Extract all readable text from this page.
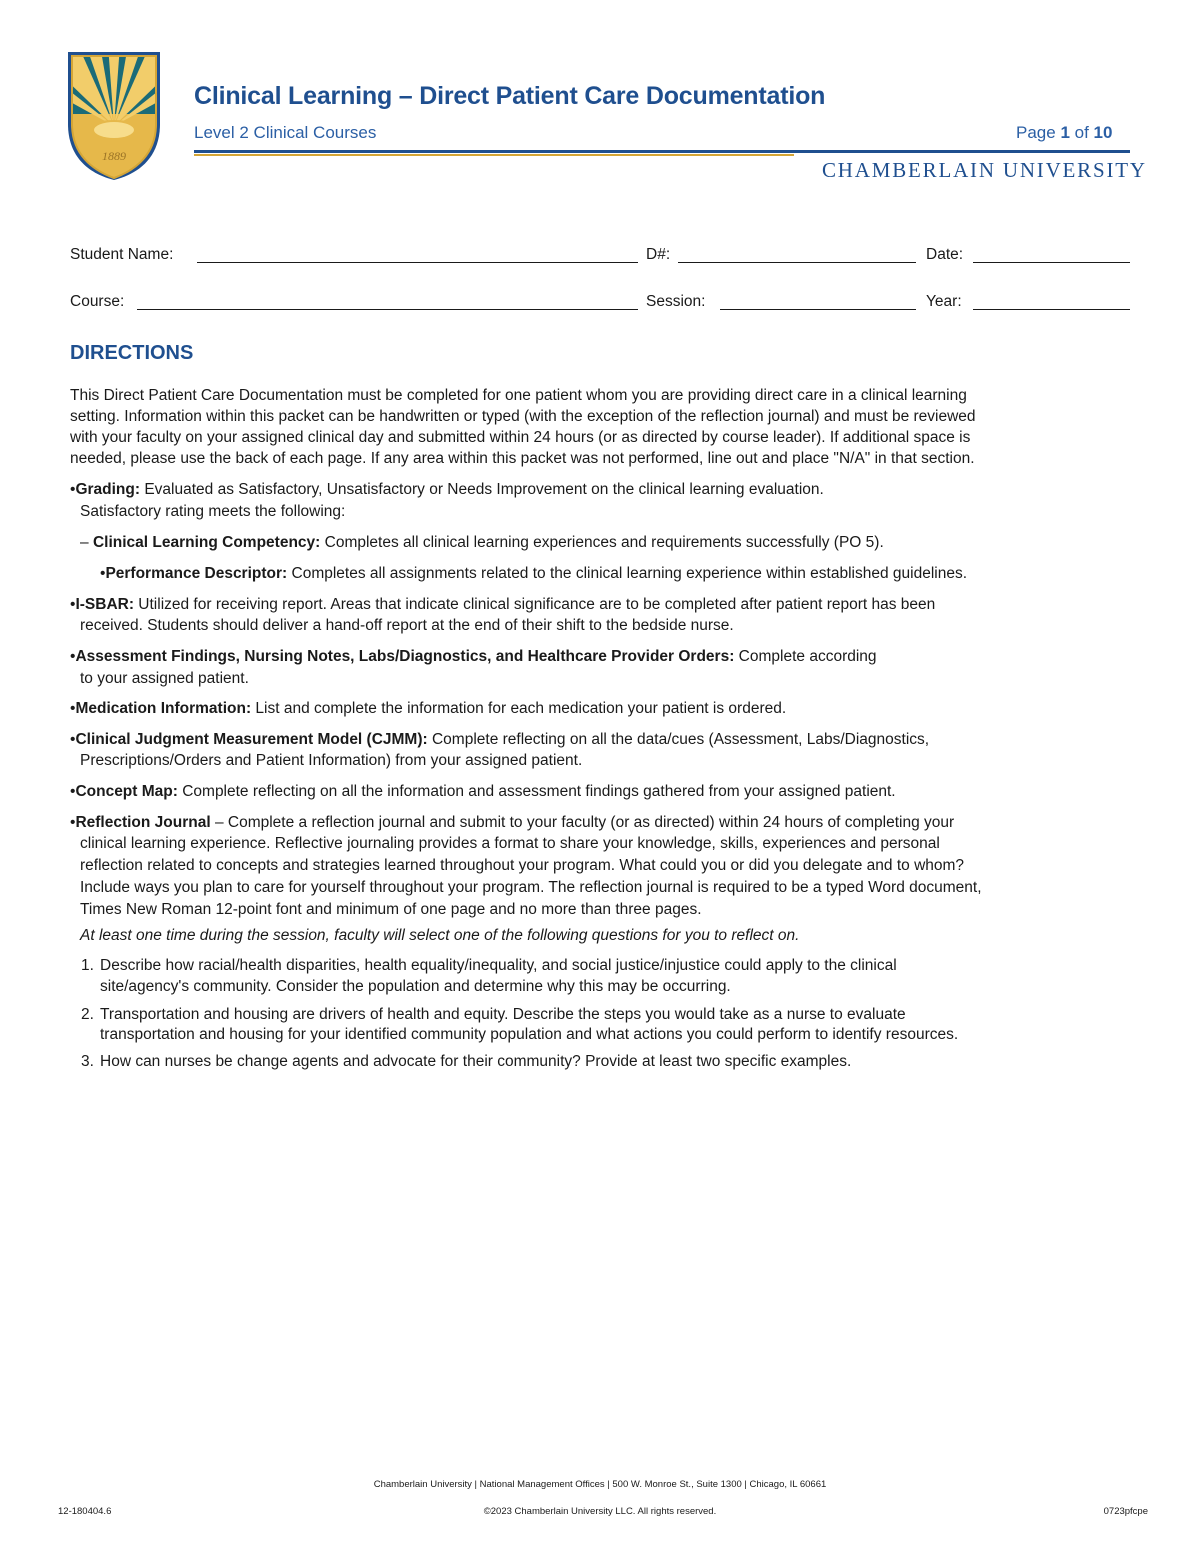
1889
Clinical Learning – Direct Patient Care Documentation
Level 2 Clinical Courses	Page 1 of 10
CHAMBERLAIN UNIVERSITY
Student Name:	D#:	Date:
Course:	Session:	Year:
DIRECTIONS
This Direct Patient Care Documentation must be completed for one patient whom you are providing direct care in a clinical learning
setting. Information within this packet can be handwritten or typed (with the exception of the reflection journal) and must be reviewed
with your faculty on your assigned clinical day and submitted within 24 hours (or as directed by course leader). If additional space is
needed, please use the back of each page. If any area within this packet was not performed, line out and place "N/A" in that section.
•Grading: Evaluated as Satisfactory, Unsatisfactory or Needs Improvement on the clinical learning evaluation.
Satisfactory rating meets the following:
– Clinical Learning Competency: Completes all clinical learning experiences and requirements successfully (PO 5).
•Performance Descriptor: Completes all assignments related to the clinical learning experience within established guidelines.
•I-SBAR: Utilized for receiving report. Areas that indicate clinical significance are to be completed after patient report has been
received. Students should deliver a hand-off report at the end of their shift to the bedside nurse.
•Assessment Findings, Nursing Notes, Labs/Diagnostics, and Healthcare Provider Orders: Complete according
to your assigned patient.
•Medication Information: List and complete the information for each medication your patient is ordered.
•Clinical Judgment Measurement Model (CJMM): Complete reflecting on all the data/cues (Assessment, Labs/Diagnostics,
Prescriptions/Orders and Patient Information) from your assigned patient.
•Concept Map: Complete reflecting on all the information and assessment findings gathered from your assigned patient.
•Reflection Journal – Complete a reflection journal and submit to your faculty (or as directed) within 24 hours of completing your
clinical learning experience. Reflective journaling provides a format to share your knowledge, skills, experiences and personal
reflection related to concepts and strategies learned throughout your program. What could you or did you delegate and to whom?
Include ways you plan to care for yourself throughout your program. The reflection journal is required to be a typed Word document,
Times New Roman 12-point font and minimum of one page and no more than three pages.
At least one time during the session, faculty will select one of the following questions for you to reflect on.
1. Describe how racial/health disparities, health equality/inequality, and social justice/injustice could apply to the clinical
site/agency's community. Consider the population and determine why this may be occurring.
2. Transportation and housing are drivers of health and equity. Describe the steps you would take as a nurse to evaluate
transportation and housing for your identified community population and what actions you could perform to identify resources.
3. How can nurses be change agents and advocate for their community? Provide at least two specific examples.
Chamberlain University | National Management Offices | 500 W. Monroe St., Suite 1300 | Chicago, IL 60661
12-180404.6	©2023 Chamberlain University LLC. All rights reserved.	0723pfcpe
